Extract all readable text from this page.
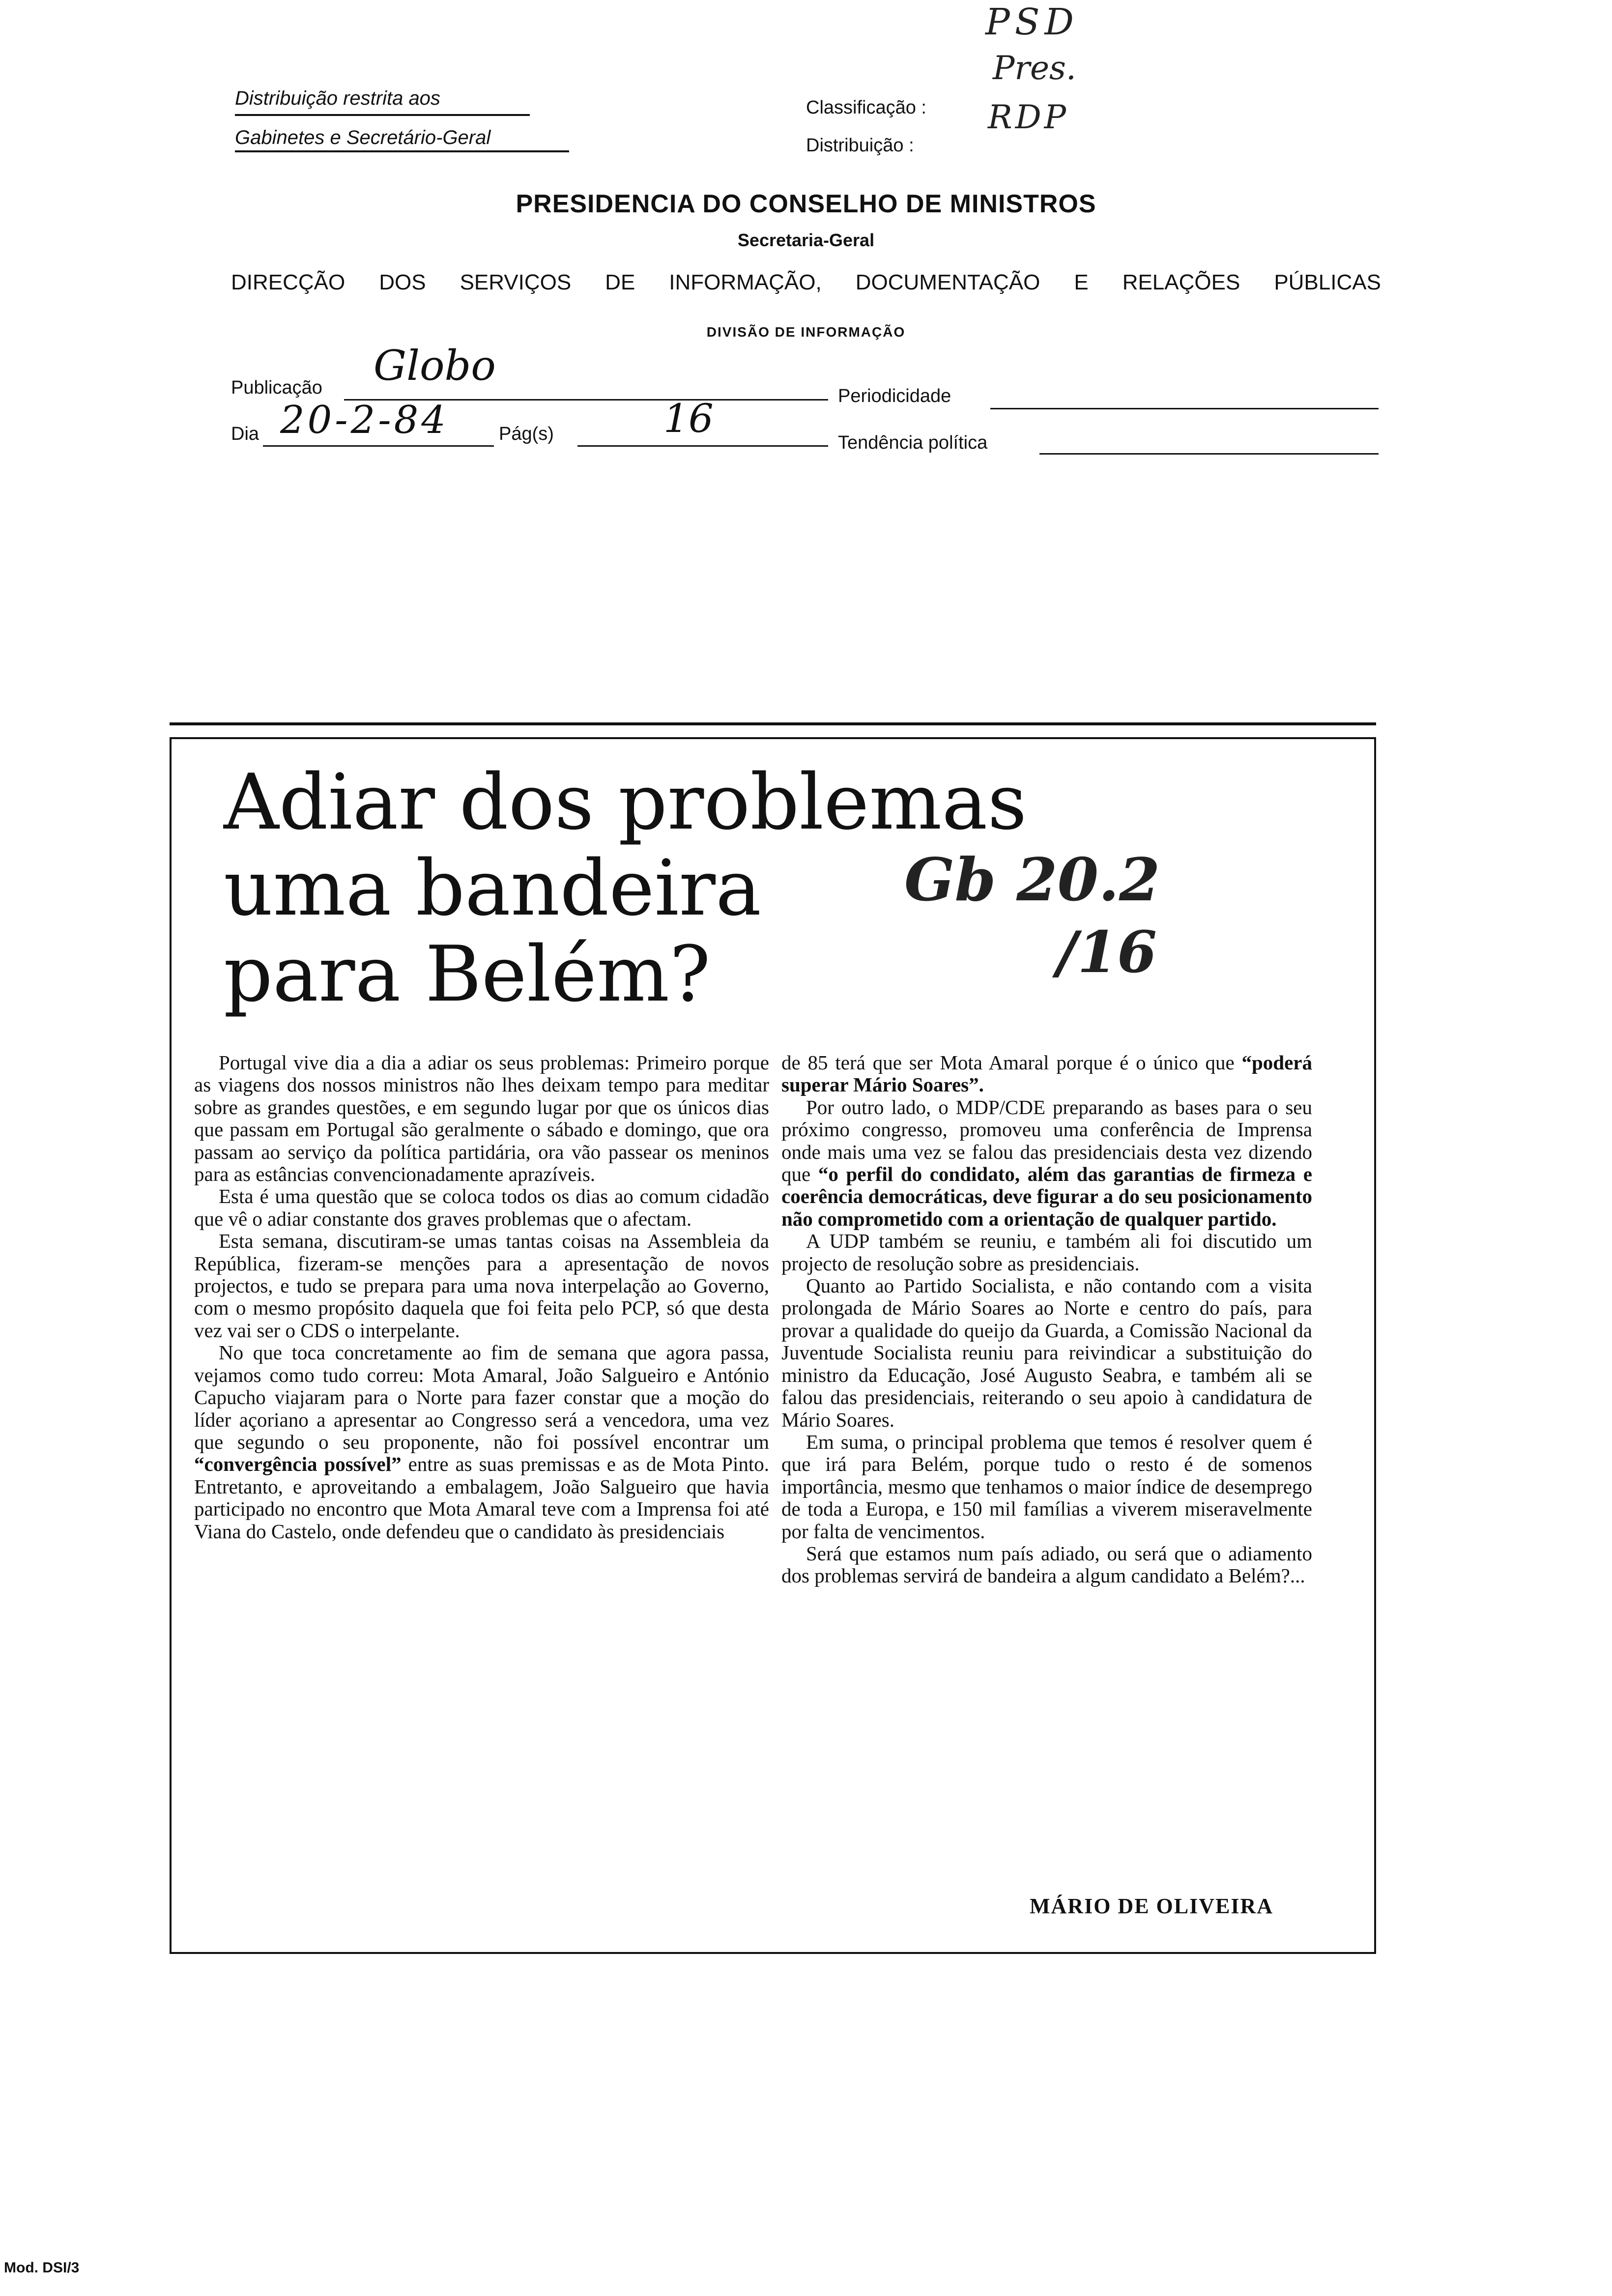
Distribuição restrita aos
Gabinetes e Secretário-Geral
Classificação :
Distribuição :
PSD
Pres.
RDP
PRESIDENCIA DO CONSELHO DE MINISTROS
Secretaria-Geral
DIRECÇÃO DOS SERVIÇOS DE INFORMAÇÃO, DOCUMENTAÇÃO E RELAÇÕES PÚBLICAS
DIVISÃO DE INFORMAÇÃO
Publicação Globo
Periodicidade
Dia 20-2-84	Pág(s)	16
Tendência política
Adiar dos problemas
uma bandeira
para Belém?
Gb 20.2
/16

Portugal vive dia a dia a adiar os seus problemas: Primeiro porque as viagens dos nossos ministros não lhes deixam tempo para meditar sobre as grandes questões, e em segundo lugar por que os únicos dias que passam em Portugal são geralmente o sábado e domingo, que ora passam ao serviço da política partidária, ora vão passear os meninos para as estâncias convencionadamente aprazíveis.

Esta é uma questão que se coloca todos os dias ao comum cidadão que vê o adiar constante dos graves problemas que o afectam.

Esta semana, discutiram-se umas tantas coisas na Assembleia da República, fizeram-se menções para a apresentação de novos projectos, e tudo se prepara para uma nova interpelação ao Governo, com o mesmo propósito daquela que foi feita pelo PCP, só que desta vez vai ser o CDS o interpelante.

No que toca concretamente ao fim de semana que agora passa, vejamos como tudo correu: Mota Amaral, João Salgueiro e António Capucho viajaram para o Norte para fazer constar que a moção do líder açoriano a apresentar ao Congresso será a vencedora, uma vez que segundo o seu proponente, não foi possível encontrar um “convergência possível” entre as suas premissas e as de Mota Pinto. Entretanto, e aproveitando a embalagem, João Salgueiro que havia participado no encontro que Mota Amaral teve com a Imprensa foi até Viana do Castelo, onde defendeu que o candidato às presidenciais

de 85 terá que ser Mota Amaral porque é o único que “poderá superar Mário Soares”.

Por outro lado, o MDP/CDE preparando as bases para o seu próximo congresso, promoveu uma conferência de Imprensa onde mais uma vez se falou das presidenciais desta vez dizendo que “o perfil do condidato, além das garantias de firmeza e coerência democráticas, deve figurar a do seu posicionamento não comprometido com a orientação de qualquer partido.

A UDP também se reuniu, e também ali foi discutido um projecto de resolução sobre as presidenciais.

Quanto ao Partido Socialista, e não contando com a visita prolongada de Mário Soares ao Norte e centro do país, para provar a qualidade do queijo da Guarda, a Comissão Nacional da Juventude Socialista reuniu para reivindicar a substituição do ministro da Educação, José Augusto Seabra, e também ali se falou das presidenciais, reiterando o seu apoio à candidatura de Mário Soares.

Em suma, o principal problema que temos é resolver quem é que irá para Belém, porque tudo o resto é de somenos importância, mesmo que tenhamos o maior índice de desemprego de toda a Europa, e 150 mil famílias a viverem miseravelmente por falta de vencimentos.

Será que estamos num país adiado, ou será que o adiamento dos problemas servirá de bandeira a algum candidato a Belém?...

MÁRIO DE OLIVEIRA
Mod. DSI/3
